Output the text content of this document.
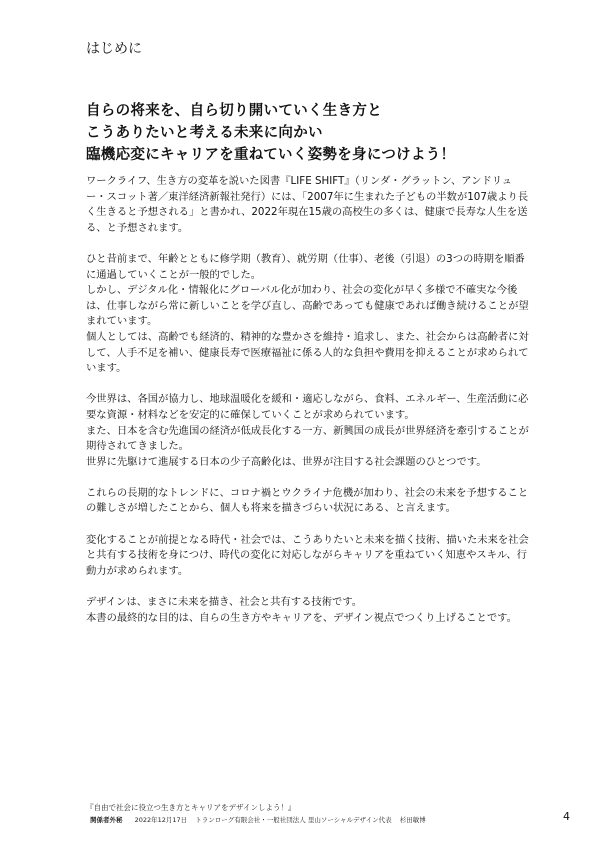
はじめに
自らの将来を、自ら切り開いていく生き方と
こうありたいと考える未来に向かい
臨機応変にキャリアを重ねていく姿勢を身につけよう！
ワークライフ、生き方の変革を説いた図書『LIFE SHIFT』（リンダ・グラットン、アンドリュー・スコット著／東洋経済新報社発行）には、「2007年に生まれた子どもの半数が107歳より長く生きると予想される」と書かれ、2022年現在15歳の高校生の多くは、健康で長寿な人生を送る、と予想されます。
ひと昔前まで、年齢とともに修学期（教育）、就労期（仕事）、老後（引退）の3つの時期を順番に通過していくことが一般的でした。
しかし、デジタル化・情報化にグローバル化が加わり、社会の変化が早く多様で不確実な今後は、仕事しながら常に新しいことを学び直し、高齢であっても健康であれば働き続けることが望まれています。
個人としては、高齢でも経済的、精神的な豊かさを維持・追求し、また、社会からは高齢者に対して、人手不足を補い、健康長寿で医療福祉に係る人的な負担や費用を抑えることが求められています。
今世界は、各国が協力し、地球温暖化を緩和・適応しながら、食料、エネルギー、生産活動に必要な資源・材料などを安定的に確保していくことが求められています。
また、日本を含む先進国の経済が低成長化する一方、新興国の成長が世界経済を牽引することが期待されてきました。
世界に先駆けて進展する日本の少子高齢化は、世界が注目する社会課題のひとつです。
これらの長期的なトレンドに、コロナ禍とウクライナ危機が加わり、社会の未来を予想することの難しさが増したことから、個人も将来を描きづらい状況にある、と言えます。
変化することが前提となる時代・社会では、こうありたいと未来を描く技術、描いた未来を社会と共有する技術を身につけ、時代の変化に対応しながらキャリアを重ねていく知恵やスキル、行動力が求められます。
デザインは、まさに未来を描き、社会と共有する技術です。
本書の最終的な目的は、自らの生き方やキャリアを、デザイン視点でつくり上げることです。
『自由で社会に役立つ生き方とキャリアをデザインしよう！』
関係者外秘 2022年12月17日 トランローグ有限会社・一般社団法人 里山ソーシャルデザイン代表 杉田敏博	4
